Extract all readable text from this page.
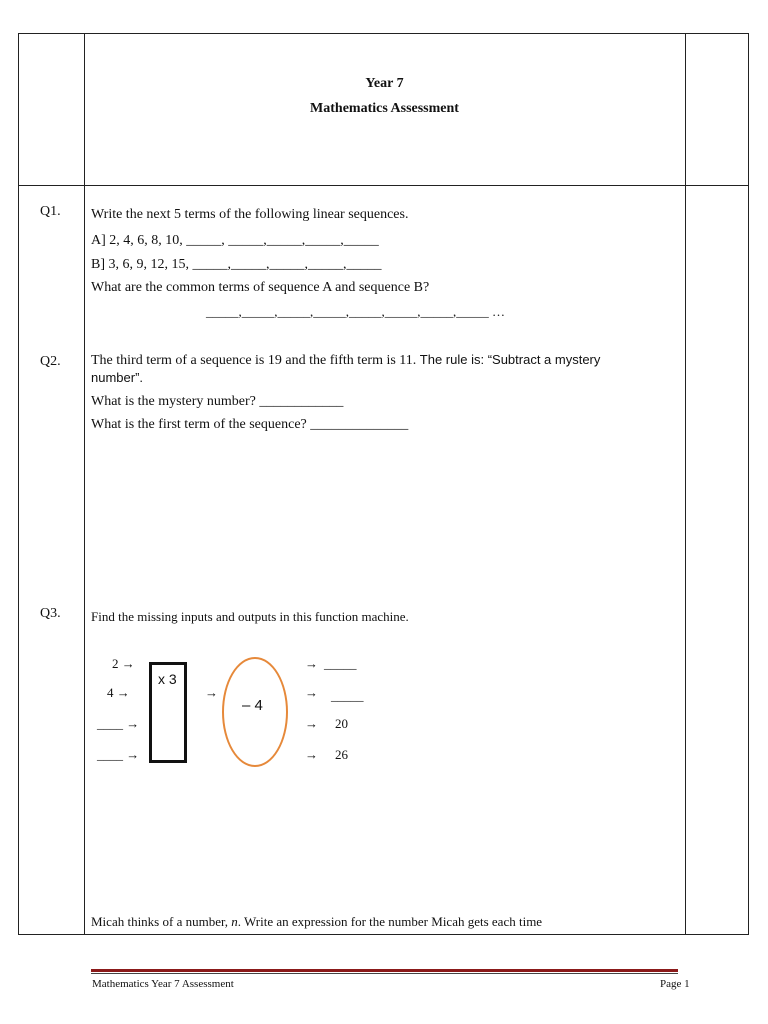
Year 7
Mathematics Assessment
Q1. Write the next 5 terms of the following linear sequences.
A] 2, 4, 6, 8, 10, _____, _____,_____,_____,_____
B] 3, 6, 9, 12, 15, _____,_____,_____,_____,_____
What are the common terms of sequence A and sequence B?
_____,_____,_____,_____,_____,_____,_____,_____ …
Q2. The third term of a sequence is 19 and the fifth term is 11. The rule is: “Subtract a mystery
number”.
What is the mystery number? ____________
What is the first term of the sequence? ______________
Q3. Find the missing inputs and outputs in this function machine.
2 →
4 →
____ →
____ →
x 3
→
– 4
→ _____
→ _____
→ 20
→ 26
Micah thinks of a number, n. Write an expression for the number Micah gets each time
Mathematics Year 7 Assessment	Page 1
